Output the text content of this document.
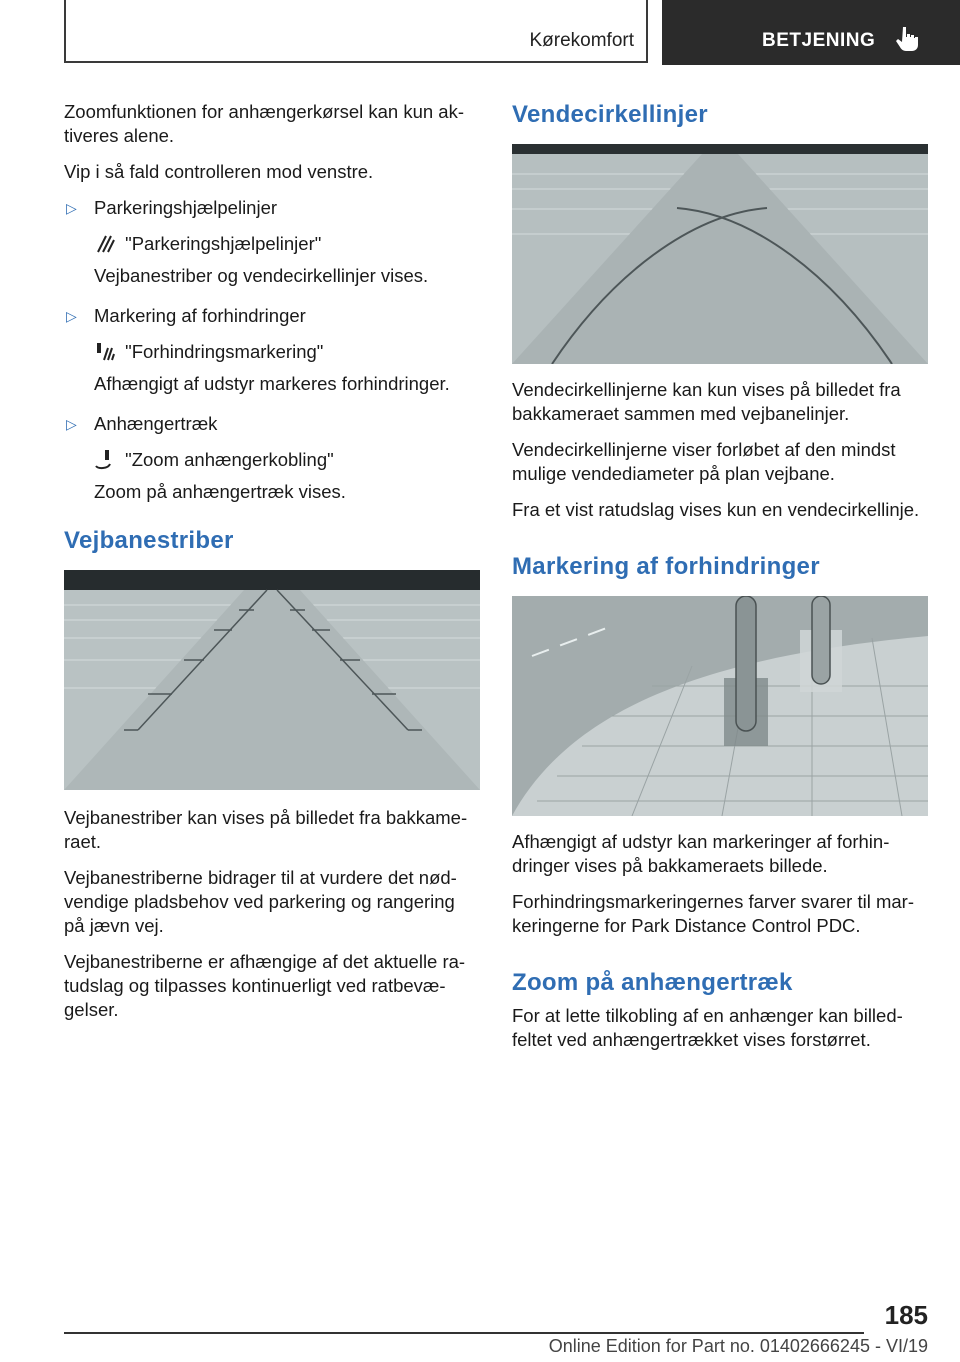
Kørekomfort	BETJENING

Zoomfunktionen for anhængerkørsel kan kun ak-tiveres alene.

Vip i så fald controlleren mod venstre.

▷ Parkeringshjælpelinjer
"Parkeringshjælpelinjer"
Vejbanestriber og vendecirkellinjer vises.
▷ Markering af forhindringer
"Forhindringsmarkering"
Afhængigt af udstyr markeres forhindringer.
▷ Anhængertræk
"Zoom anhængerkobling"
Zoom på anhængertræk vises.
Vejbanestriber

Vejbanestriber kan vises på billedet fra bakkame-raet.

Vejbanestriberne bidrager til at vurdere det nød-vendige pladsbehov ved parkering og rangering på jævn vej.

Vejbanestriberne er afhængige af det aktuelle ra-tudslag og tilpasses kontinuerligt ved ratbevæ-gelser.

Vendecirkellinjer

Vendecirkellinjerne kan kun vises på billedet fra bakkameraet sammen med vejbanelinjer.

Vendecirkellinjerne viser forløbet af den mindst mulige vendediameter på plan vejbane.

Fra et vist ratudslag vises kun en vendecirkellinje.

Markering af forhindringer

Afhængigt af udstyr kan markeringer af forhin-dringer vises på bakkameraets billede.

Forhindringsmarkeringernes farver svarer til mar-keringerne for Park Distance Control PDC.

Zoom på anhængertræk

For at lette tilkobling af en anhænger kan billed-feltet ved anhængertrækket vises forstørret.

185
Online Edition for Part no. 01402666245 - VI/19
